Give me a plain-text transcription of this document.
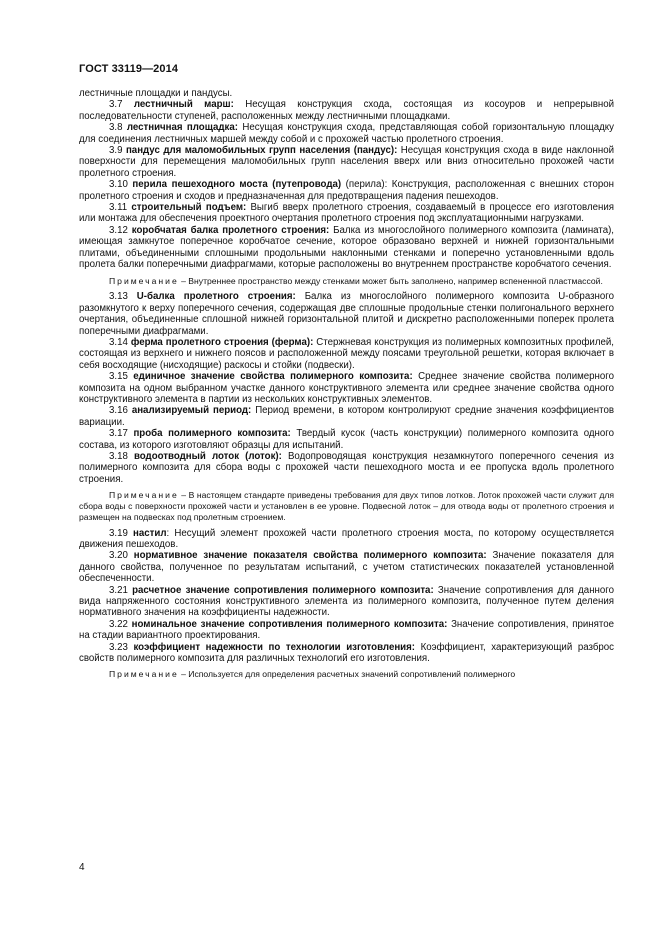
ГОСТ 33119—2014

лестничные площадки и пандусы.

3.7 лестничный марш: Несущая конструкция схода, состоящая из косоуров и непрерывной последовательности ступеней, расположенных между лестничными площадками.

3.8 лестничная площадка: Несущая конструкция схода, представляющая собой горизонтальную площадку для соединения лестничных маршей между собой и с прохожей частью пролетного строения.

3.9 пандус для маломобильных групп населения (пандус): Несущая конструкция схода в виде наклонной поверхности для перемещения маломобильных групп населения вверх или вниз относительно прохожей части пролетного строения.

3.10 перила пешеходного моста (путепровода) (перила): Конструкция, расположенная с внешних сторон пролетного строения и сходов и предназначенная для предотвращения падения пешеходов.

3.11 строительный подъем: Выгиб вверх пролетного строения, создаваемый в процессе его изготовления или монтажа для обеспечения проектного очертания пролетного строения под эксплуатационными нагрузками.

3.12 коробчатая балка пролетного строения: Балка из многослойного полимерного композита (ламината), имеющая замкнутое поперечное коробчатое сечение, которое образовано верхней и нижней горизонтальными плитами, объединенными сплошными продольными наклонными стенками и поперечно установленными вдоль пролета балки поперечными диафрагмами, которые расположены во внутреннем пространстве коробчатого сечения.

Примечание – Внутреннее пространство между стенками может быть заполнено, например вспененной пластмассой.

3.13 U-балка пролетного строения: Балка из многослойного полимерного композита U-образного разомкнутого к верху поперечного сечения, содержащая две сплошные продольные стенки полигонального верхнего очертания, объединенные сплошной нижней горизонтальной плитой и дискретно расположенными поперек пролета поперечными диафрагмами.

3.14 ферма пролетного строения (ферма): Стержневая конструкция из полимерных композитных профилей, состоящая из верхнего и нижнего поясов и расположенной между поясами треугольной решетки, которая включает в себя восходящие (нисходящие) раскосы и стойки (подвески).

3.15 единичное значение свойства полимерного композита: Среднее значение свойства полимерного композита на одном выбранном участке данного конструктивного элемента или среднее значение свойства одного конструктивного элемента в партии из нескольких конструктивных элементов.

3.16 анализируемый период: Период времени, в котором контролируют средние значения коэффициентов вариации.

3.17 проба полимерного композита: Твердый кусок (часть конструкции) полимерного композита одного состава, из которого изготовляют образцы для испытаний.

3.18 водоотводный лоток (лоток): Водопроводящая конструкция незамкнутого поперечного сечения из полимерного композита для сбора воды с прохожей части пешеходного моста и ее пропуска вдоль пролетного строения.

Примечание – В настоящем стандарте приведены требования для двух типов лотков. Лоток прохожей части служит для сбора воды с поверхности прохожей части и установлен в ее уровне. Подвесной лоток – для отвода воды от пролетного строения и размещен на подвесках под пролетным строением.

3.19 настил: Несущий элемент прохожей части пролетного строения моста, по которому осуществляется движения пешеходов.

3.20 нормативное значение показателя свойства полимерного композита: Значение показателя для данного свойства, полученное по результатам испытаний, с учетом статистических показателей установленной обеспеченности.

3.21 расчетное значение сопротивления полимерного композита: Значение сопротивления для данного вида напряженного состояния конструктивного элемента из полимерного композита, полученное путем деления нормативного значения на коэффициенты надежности.

3.22 номинальное значение сопротивления полимерного композита: Значение сопротивления, принятое на стадии вариантного проектирования.

3.23 коэффициент надежности по технологии изготовления: Коэффициент, характеризующий разброс свойств полимерного композита для различных технологий его изготовления.

Примечание – Используется для определения расчетных значений сопротивлений полимерного

4
